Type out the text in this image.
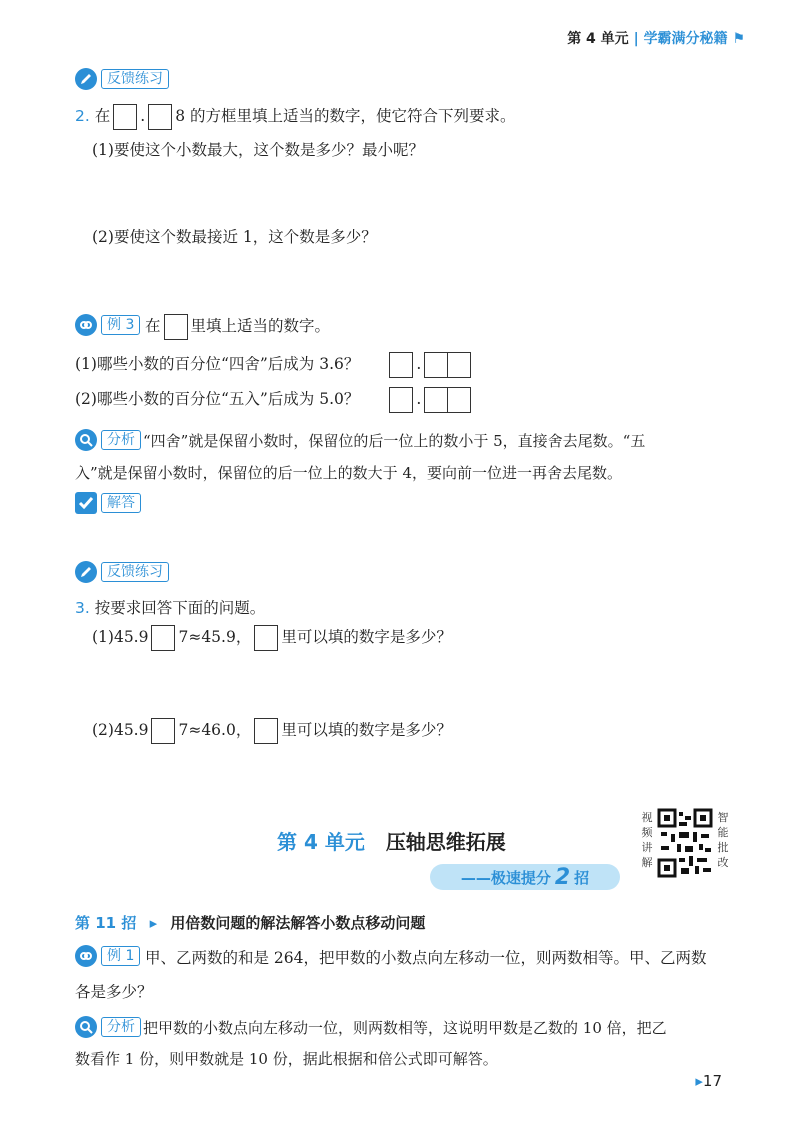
第 4 单元 | 学霸满分秘籍 ⚑
反馈练习
2. 在 . 8 的方框里填上适当的数字，使它符合下列要求。
(1)要使这个小数最大，这个数是多少？最小呢？
(2)要使这个数最接近 1，这个数是多少？
例 3 在 里填上适当的数字。
(1)哪些小数的百分位“四舍”后成为 3.6？	.
(2)哪些小数的百分位“五入”后成为 5.0？	.
分析 “四舍”就是保留小数时，保留位的后一位上的数小于 5，直接舍去尾数。“五
入”就是保留小数时，保留位的后一位上的数大于 4，要向前一位进一再舍去尾数。
解答
反馈练习
3. 按要求回答下面的问题。
(1)45.9 7≈45.9， 里可以填的数字是多少？
(2)45.9 7≈46.0， 里可以填的数字是多少？
第 4 单元 压轴思维拓展
——极速提分 2 招
视
频
讲
解
智
能
批
改
第 11 招 ▸ 用倍数问题的解法解答小数点移动问题
例 1 甲、乙两数的和是 264，把甲数的小数点向左移动一位，则两数相等。甲、乙两数
各是多少？
分析 把甲数的小数点向左移动一位，则两数相等，这说明甲数是乙数的 10 倍，把乙
数看作 1 份，则甲数就是 10 份，据此根据和倍公式即可解答。
▸17
